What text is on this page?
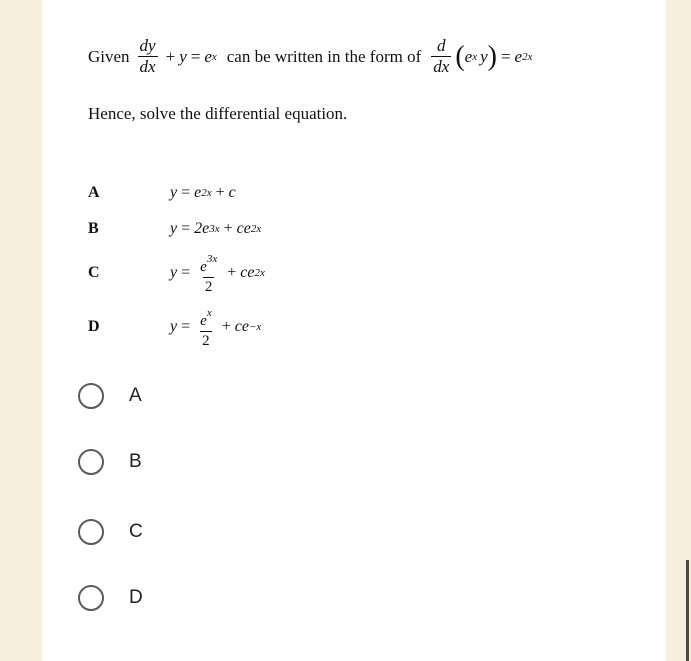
Given $\frac{dy}{dx} + y = e$ x can be written in the form of $\frac{d}{dx}$ ( e x y ) = e 2x
Hence, solve the differential equation.
A	y = e 2x + c
B	y = 2e 3x + ce 2x
C	$y = \frac{e^{3x}}{2}$ + ce 2x
D	$y = \frac{e^x}{2}$ + ce −x
A
B
C
D
